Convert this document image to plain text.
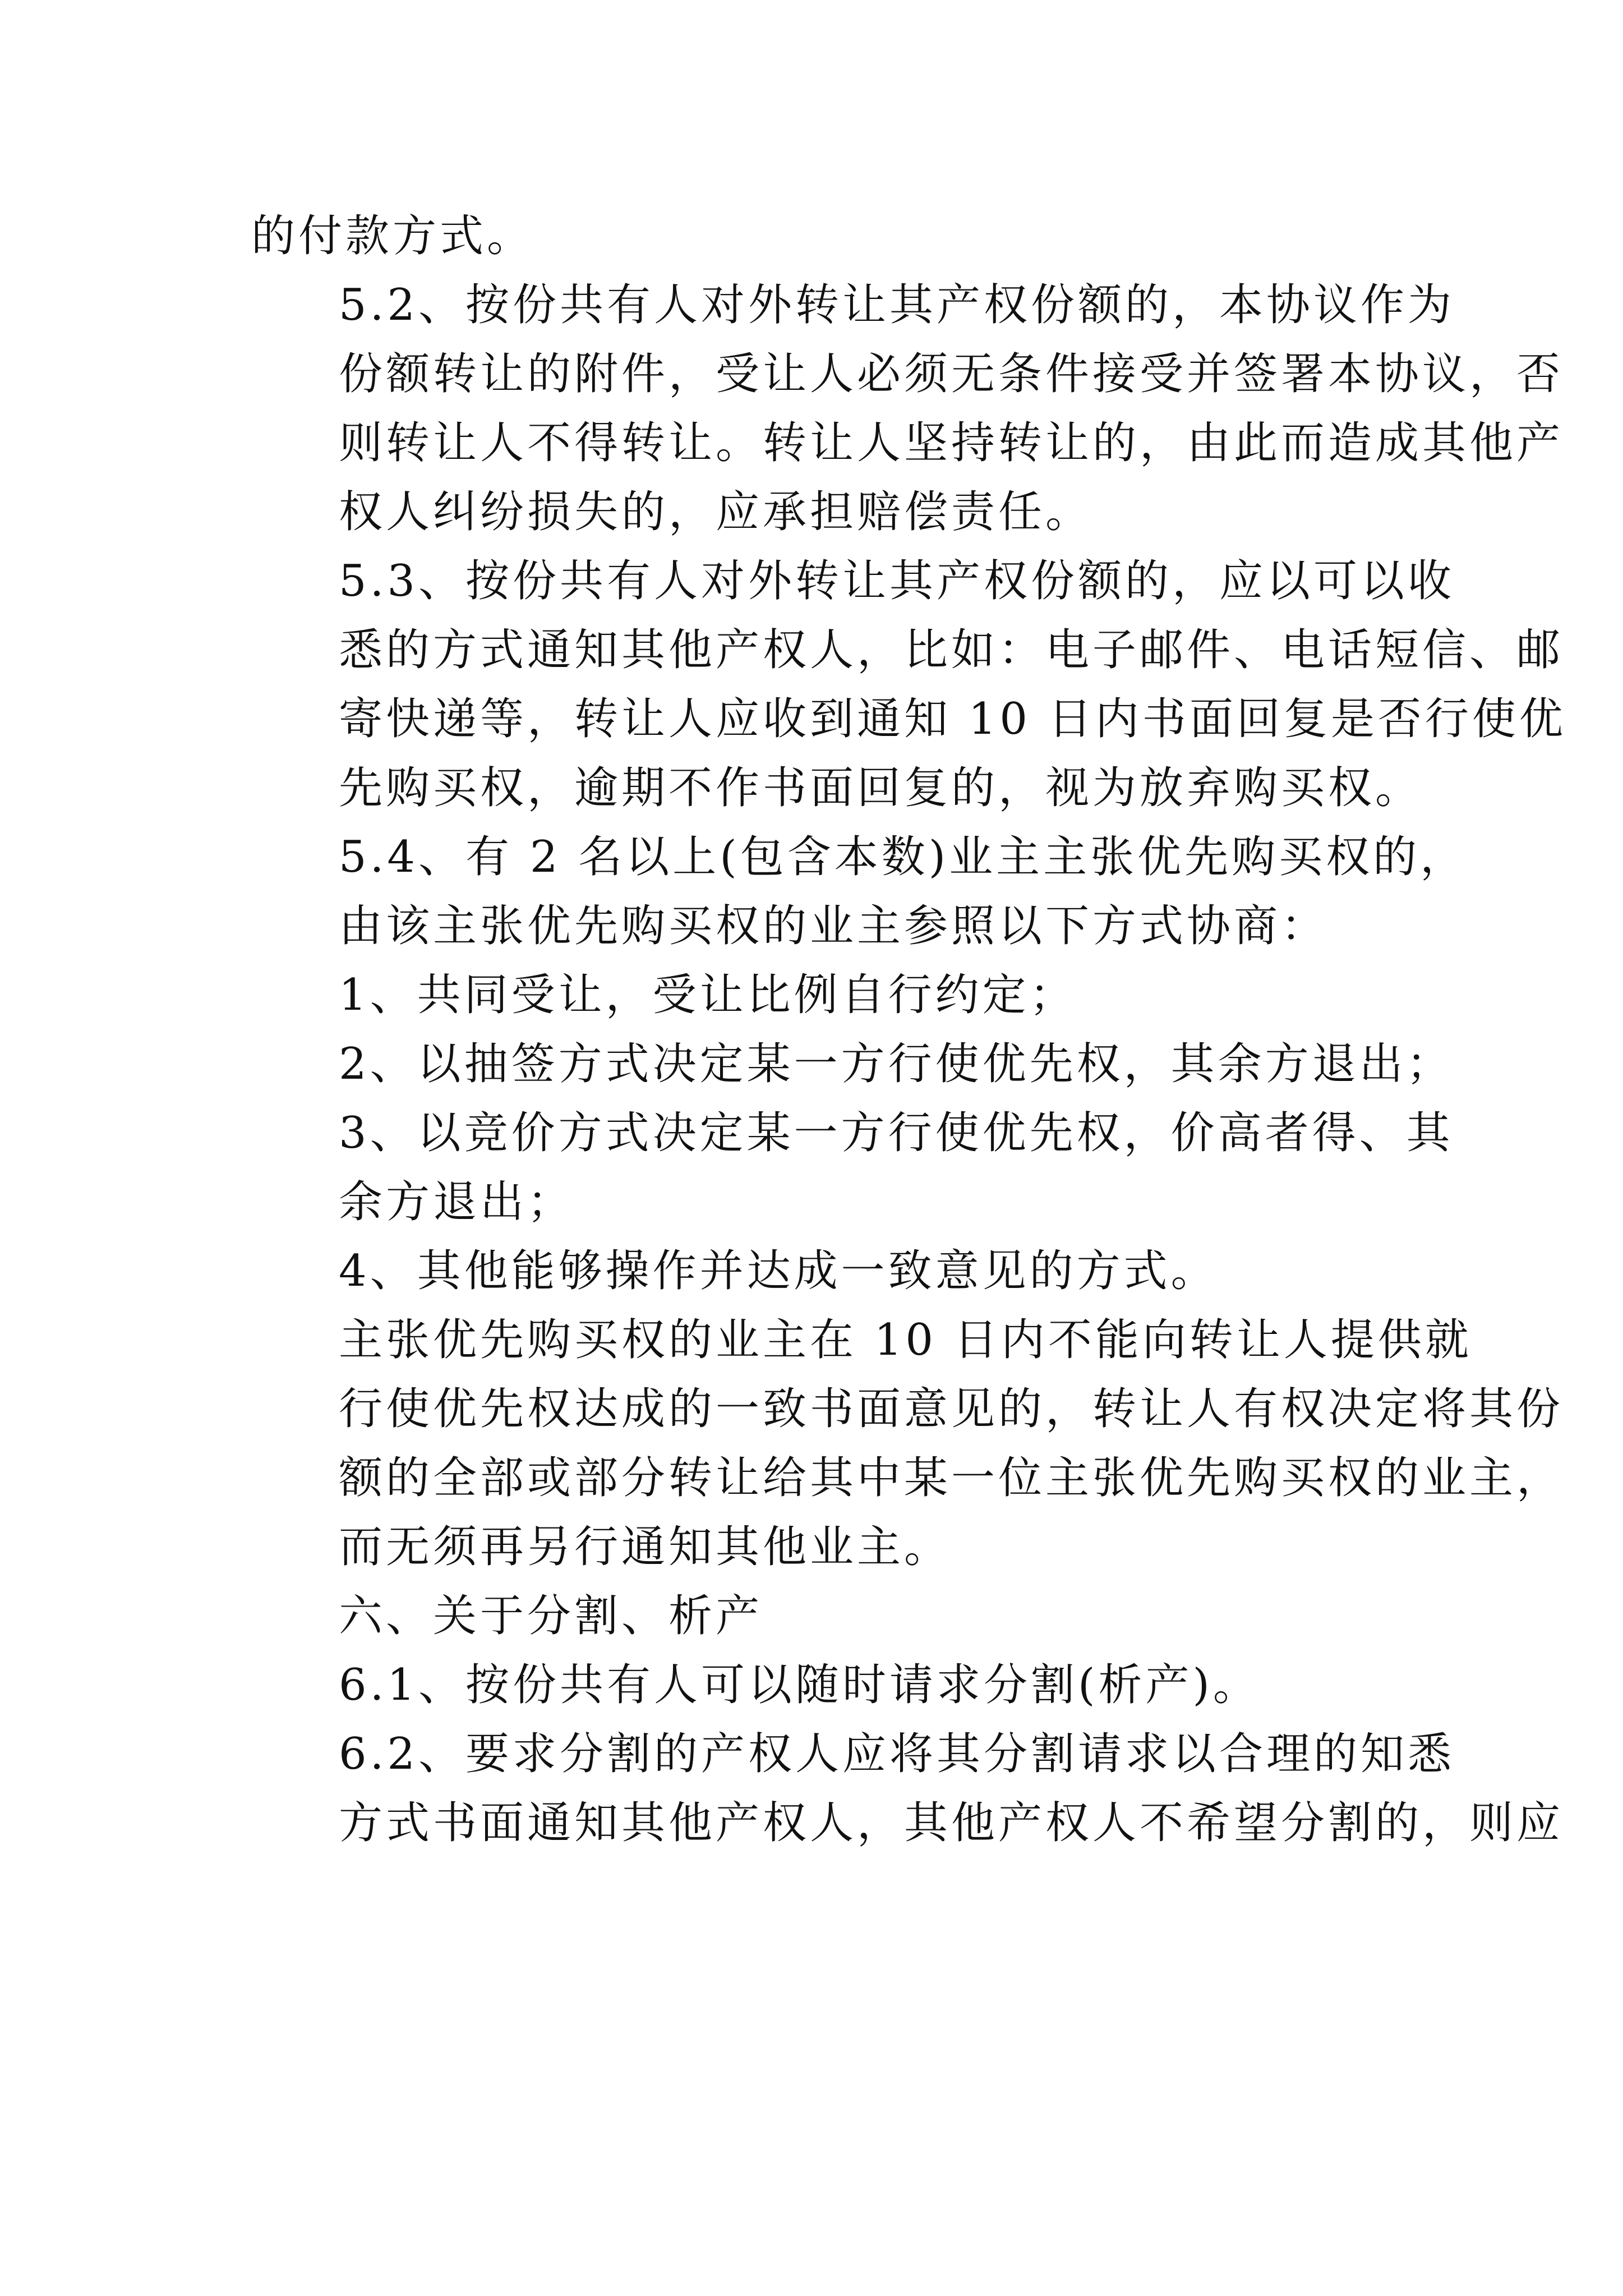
的付款方式。

5.2、按份共有人对外转让其产权份额的，本协议作为
份额转让的附件，受让人必须无条件接受并签署本协议，否
则转让人不得转让。转让人坚持转让的，由此而造成其他产
权人纠纷损失的，应承担赔偿责任。

5.3、按份共有人对外转让其产权份额的，应以可以收
悉的方式通知其他产权人，比如：电子邮件、电话短信、邮
寄快递等，转让人应收到通知 10 日内书面回复是否行使优
先购买权，逾期不作书面回复的，视为放弃购买权。

5.4、有 2 名以上(包含本数)业主主张优先购买权的，
由该主张优先购买权的业主参照以下方式协商：

1、共同受让，受让比例自行约定；

2、以抽签方式决定某一方行使优先权，其余方退出；

3、以竞价方式决定某一方行使优先权，价高者得、其
余方退出；

4、其他能够操作并达成一致意见的方式。

主张优先购买权的业主在 10 日内不能向转让人提供就
行使优先权达成的一致书面意见的，转让人有权决定将其份
额的全部或部分转让给其中某一位主张优先购买权的业主，
而无须再另行通知其他业主。

六、关于分割、析产

6.1、按份共有人可以随时请求分割(析产)。

6.2、要求分割的产权人应将其分割请求以合理的知悉
方式书面通知其他产权人，其他产权人不希望分割的，则应
